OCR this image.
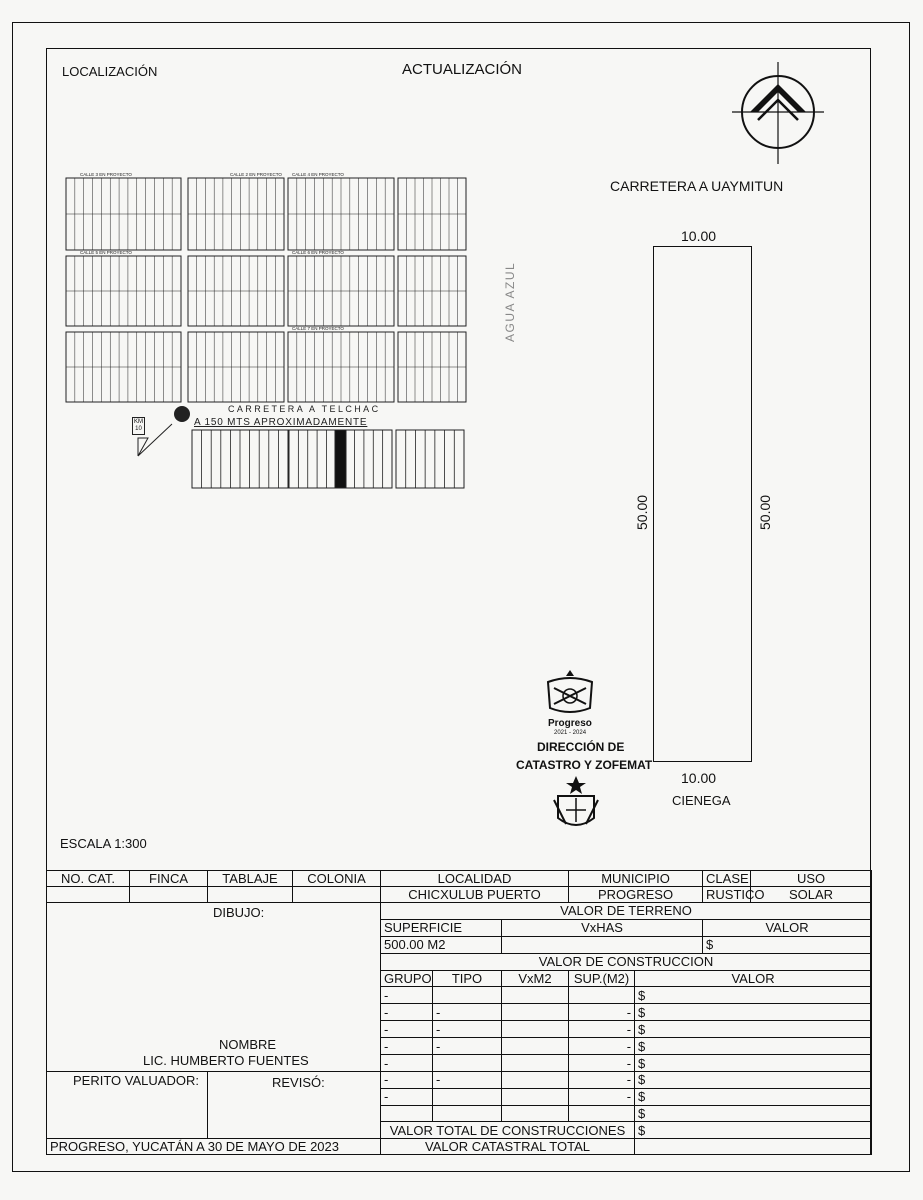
LOCALIZACIÓN	ACTUALIZACIÓN
CARRETERA A UAYMITUN
10.00
10.00
50.00	50.00
CIENEGA
CALLE 3 EN PROYECTO	CALLE 2 EN PROYECTO CALLE 4 EN PROYECTO
CALLE 5 EN PROYECTO	CALLE 6 EN PROYECTO
CALLE 7 EN PROYECTO	AGUA AZUL
CARRETERA A TELCHAC
A 150 MTS APROXIMADAMENTE
KM
10
Progreso
2021 - 2024
DIRECCIÓN DE
CATASTRO Y ZOFEMAT
ESCALA 1:300
NO. CAT.	FINCA	TABLAJE	COLONIA	LOCALIDAD			MUNICIPIO		CLASE	USO
				CHICXULUB PUERTO			PROGRESO		RUSTICO	SOLAR

DIBUJO:
NOMBRE
LIC. HUMBERTO FUENTES				VALOR DE TERRENO						
				SUPERFICIE		VxHAS			VALOR	
				500.00 M2					$	
				VALOR DE CONSTRUCCION						
				GRUPO	TIPO	VxM2	SUP.(M2)	VALOR		
				-				$		
				-	-		-	$		
				-	-		-	$		
				-	-		-	$		
				-			-	$		

PERITO VALUADOR:		REVISÓ:		-	-		-	$		
				-			-	$		
								$		
				VALOR TOTAL DE CONSTRUCCIONES				$		
PROGRESO, YUCATÁN A 30 DE MAYO DE 2023				VALOR CATASTRAL TOTAL						
